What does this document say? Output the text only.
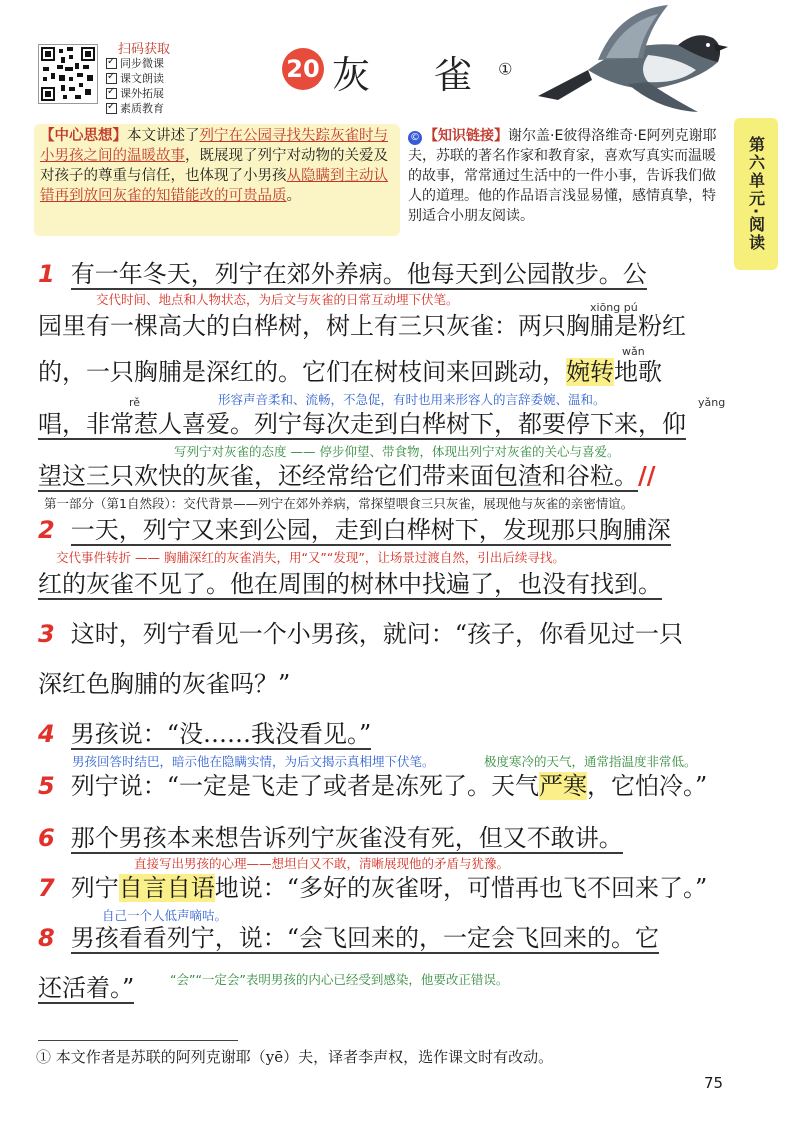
扫码获取
✓
同步微课
✓
课文朗读
✓
课外拓展
✓
素质教育
20 灰 雀①
【中心思想】本文讲述了列宁在公园寻找失踪灰雀时与小男孩之间的温暖故事，既展现了列宁对动物的关爱及对孩子的尊重与信任，也体现了小男孩从隐瞒到主动认错再到放回灰雀的知错能改的可贵品质。
© 【知识链接】谢尔盖·E彼得洛维奇·E阿列克谢耶夫，苏联的著名作家和教育家，喜欢写真实而温暖的故事，常常通过生活中的一件小事，告诉我们做人的道理。他的作品语言浅显易懂，感情真挚，特别适合小朋友阅读。	第六单元·阅读
1 有一年冬天，列宁在郊外养病。他每天到公园散步。公
交代时间、地点和人物状态，为后文与灰雀的日常互动埋下伏笔。
xiōng pú
园里有一棵高大的白桦树，树上有三只灰雀：两只胸脯是粉红
wǎn
的，一只胸脯是深红的。它们在树枝间来回跳动，婉转地歌
形容声音柔和、流畅，不急促，有时也用来形容人的言辞委婉、温和。
rě	yǎng
唱，非常惹人喜爱。列宁每次走到白桦树下，都要停下来，仰
写列宁对灰雀的态度 —— 停步仰望、带食物，体现出列宁对灰雀的关心与喜爱。
望这三只欢快的灰雀，还经常给它们带来面包渣和谷粒。//
第一部分（第1自然段）：交代背景——列宁在郊外养病，常探望喂食三只灰雀，展现他与灰雀的亲密情谊。
2 一天，列宁又来到公园，走到白桦树下，发现那只胸脯深
交代事件转折 —— 胸脯深红的灰雀消失，用“又”“发现”，让场景过渡自然，引出后续寻找。
红的灰雀不见了。他在周围的树林中找遍了，也没有找到。
3 这时，列宁看见一个小男孩，就问：“孩子，你看见过一只
深红色胸脯的灰雀吗？”
4 男孩说：“没……我没看见。”
男孩回答时结巴，暗示他在隐瞒实情，为后文揭示真相埋下伏笔。	极度寒冷的天气，通常指温度非常低。
5 列宁说：“一定是飞走了或者是冻死了。天气严寒，它怕冷。”
6 那个男孩本来想告诉列宁灰雀没有死，但又不敢讲。
直接写出男孩的心理——想坦白又不敢，清晰展现他的矛盾与犹豫。
7 列宁自言自语地说：“多好的灰雀呀，可惜再也飞不回来了。”
自己一个人低声嘀咕。
8 男孩看看列宁，说：“会飞回来的，一定会飞回来的。它
还活着。”	“会”“一定会”表明男孩的内心已经受到感染，他要改正错误。
① 本文作者是苏联的阿列克谢耶（yē）夫，译者李声权，选作课文时有改动。
75
